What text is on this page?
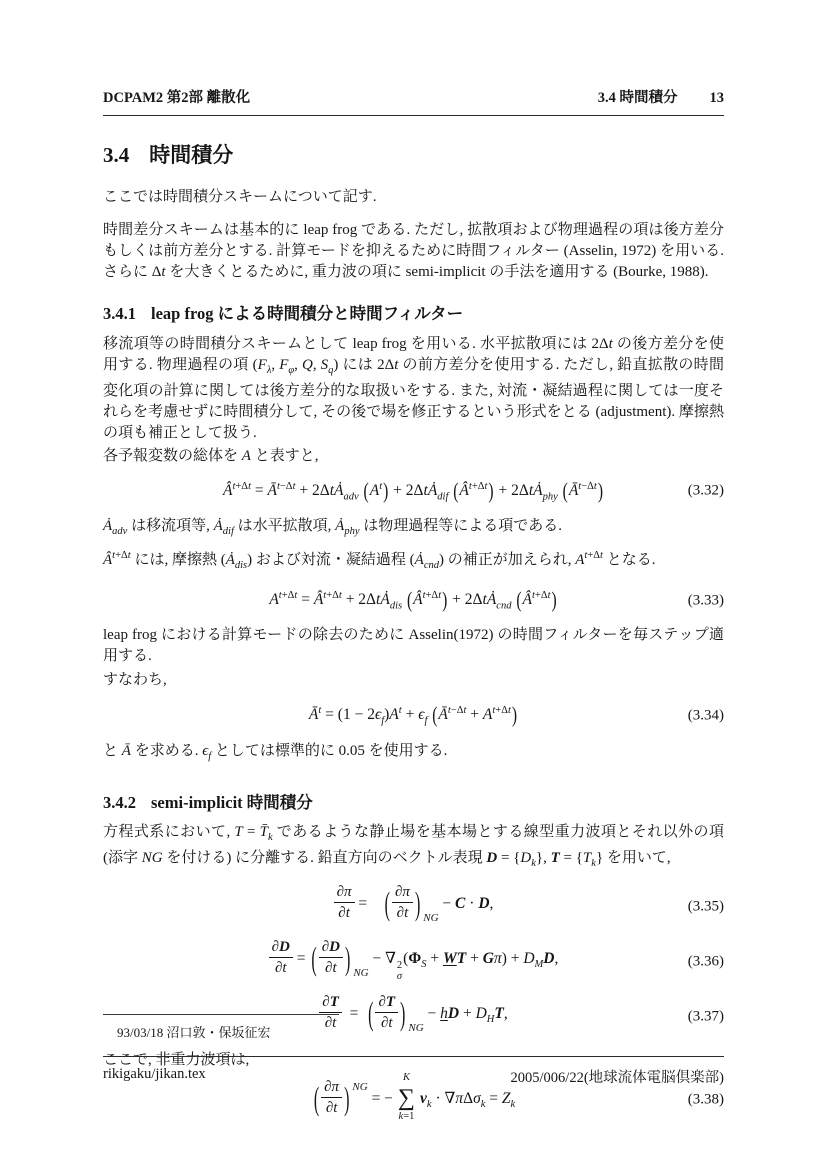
DCPAM2 第2部 離散化	3.4 時間積分 13
3.4 時間積分

ここでは時間積分スキームについて記す.

時間差分スキームは基本的に leap frog である. ただし, 拡散項および物理過程の項は後方差分もしくは前方差分とする. 計算モードを抑えるために時間フィルター (Asselin, 1972) を用いる. さらに Δt を大きくとるために, 重力波の項に semi-implicit の手法を適用する (Bourke, 1988).

3.4.1 leap frog による時間積分と時間フィルター

移流項等の時間積分スキームとして leap frog を用いる. 水平拡散項には 2Δt の後方差分を使用する. 物理過程の項 ($F_\lambda$, $F_\varphi$, Q, $S_q$) には 2Δt の前方差分を使用する. ただし, 鉛直拡散の時間変化項の計算に関しては後方差分的な取扱いをする. また, 対流・凝結過程に関しては一度それらを考慮せずに時間積分して, その後で場を修正するという形式をとる (adjustment). 摩擦熱の項も補正として扱う.

各予報変数の総体を A と表すと,

$Â^{t+\Delta t}$ = $Ā^{t-\Delta t}$ + 2ΔtȦ$_{adv}$ $(A^t)$ + 2ΔtȦ$_{dif}$ $(Â^{t+\Delta t})$ + 2ΔtȦ$_{phy}$ $(Ā^{t-\Delta t})$	(3.32)

$Ȧ_{adv}$ は移流項等, $Ȧ_{dif}$ は水平拡散項, $Ȧ_{phy}$ は物理過程等による項である.

$Â^{t+\Delta t}$ には, 摩擦熱 $(Ȧ_{dis})$ および対流・凝結過程 $(Ȧ_{cnd})$ の補正が加えられ, $A^{t+\Delta t}$ となる.

$A^{t+\Delta t}$ = $Â^{t+\Delta t}$ + 2ΔtȦ$_{dis}$ $(Â^{t+\Delta t})$ + 2ΔtȦ$_{cnd}$ $(Â^{t+\Delta t})$	(3.33)

leap frog における計算モードの除去のために Asselin(1972) の時間フィルターを毎ステップ適用する.

すなわち,

$Ā^t = (1 - 2\epsilon_f)A^t + \epsilon_f$ $(Ā^{t-\Delta t} + A^{t+\Delta t})$	(3.34)

と Ā を求める. $\epsilon_f$ としては標準的に 0.05 を使用する.

3.4.2 semi-implicit 時間積分

方程式系において, $T = T̄_k$ であるような静止場を基本場とする線型重力波項とそれ以外の項 (添字 NG を付ける) に分離する. 鉛直方向のベクトル表現 $D = \{D_k\}$, $T = \{T_k\}$ を用いて,

$\frac{\partial\pi}{\partial t}$ = ( $\frac{\partial\pi}{\partial t}$ ) $_{NG}$ − C · D,	(3.35)
$\frac{\partial D}{\partial t}$ = ( $\frac{\partial D}{\partial t}$ ) $_{NG}$ − ∇ 2
σ
($\Phi_S$ + WT + $G\pi) + D_MD$,	(3.36)
$\frac{\partial T}{\partial t}$  = ( $\frac{\partial T}{\partial t}$ ) $_{NG}$ − hD + $D_HT$,	(3.37)

ここで, 非重力波項は,

( $\frac{\partial\pi}{\partial t}$ ) $^{NG}$ = −
K
∑
k=1
$v_k \cdot \nabla\pi\Delta\sigma_k = Z_k$	(3.38)
93/03/18 沼口敦・保坂征宏
rikigaku/jikan.tex	2005/006/22(地球流体電脳倶楽部)
